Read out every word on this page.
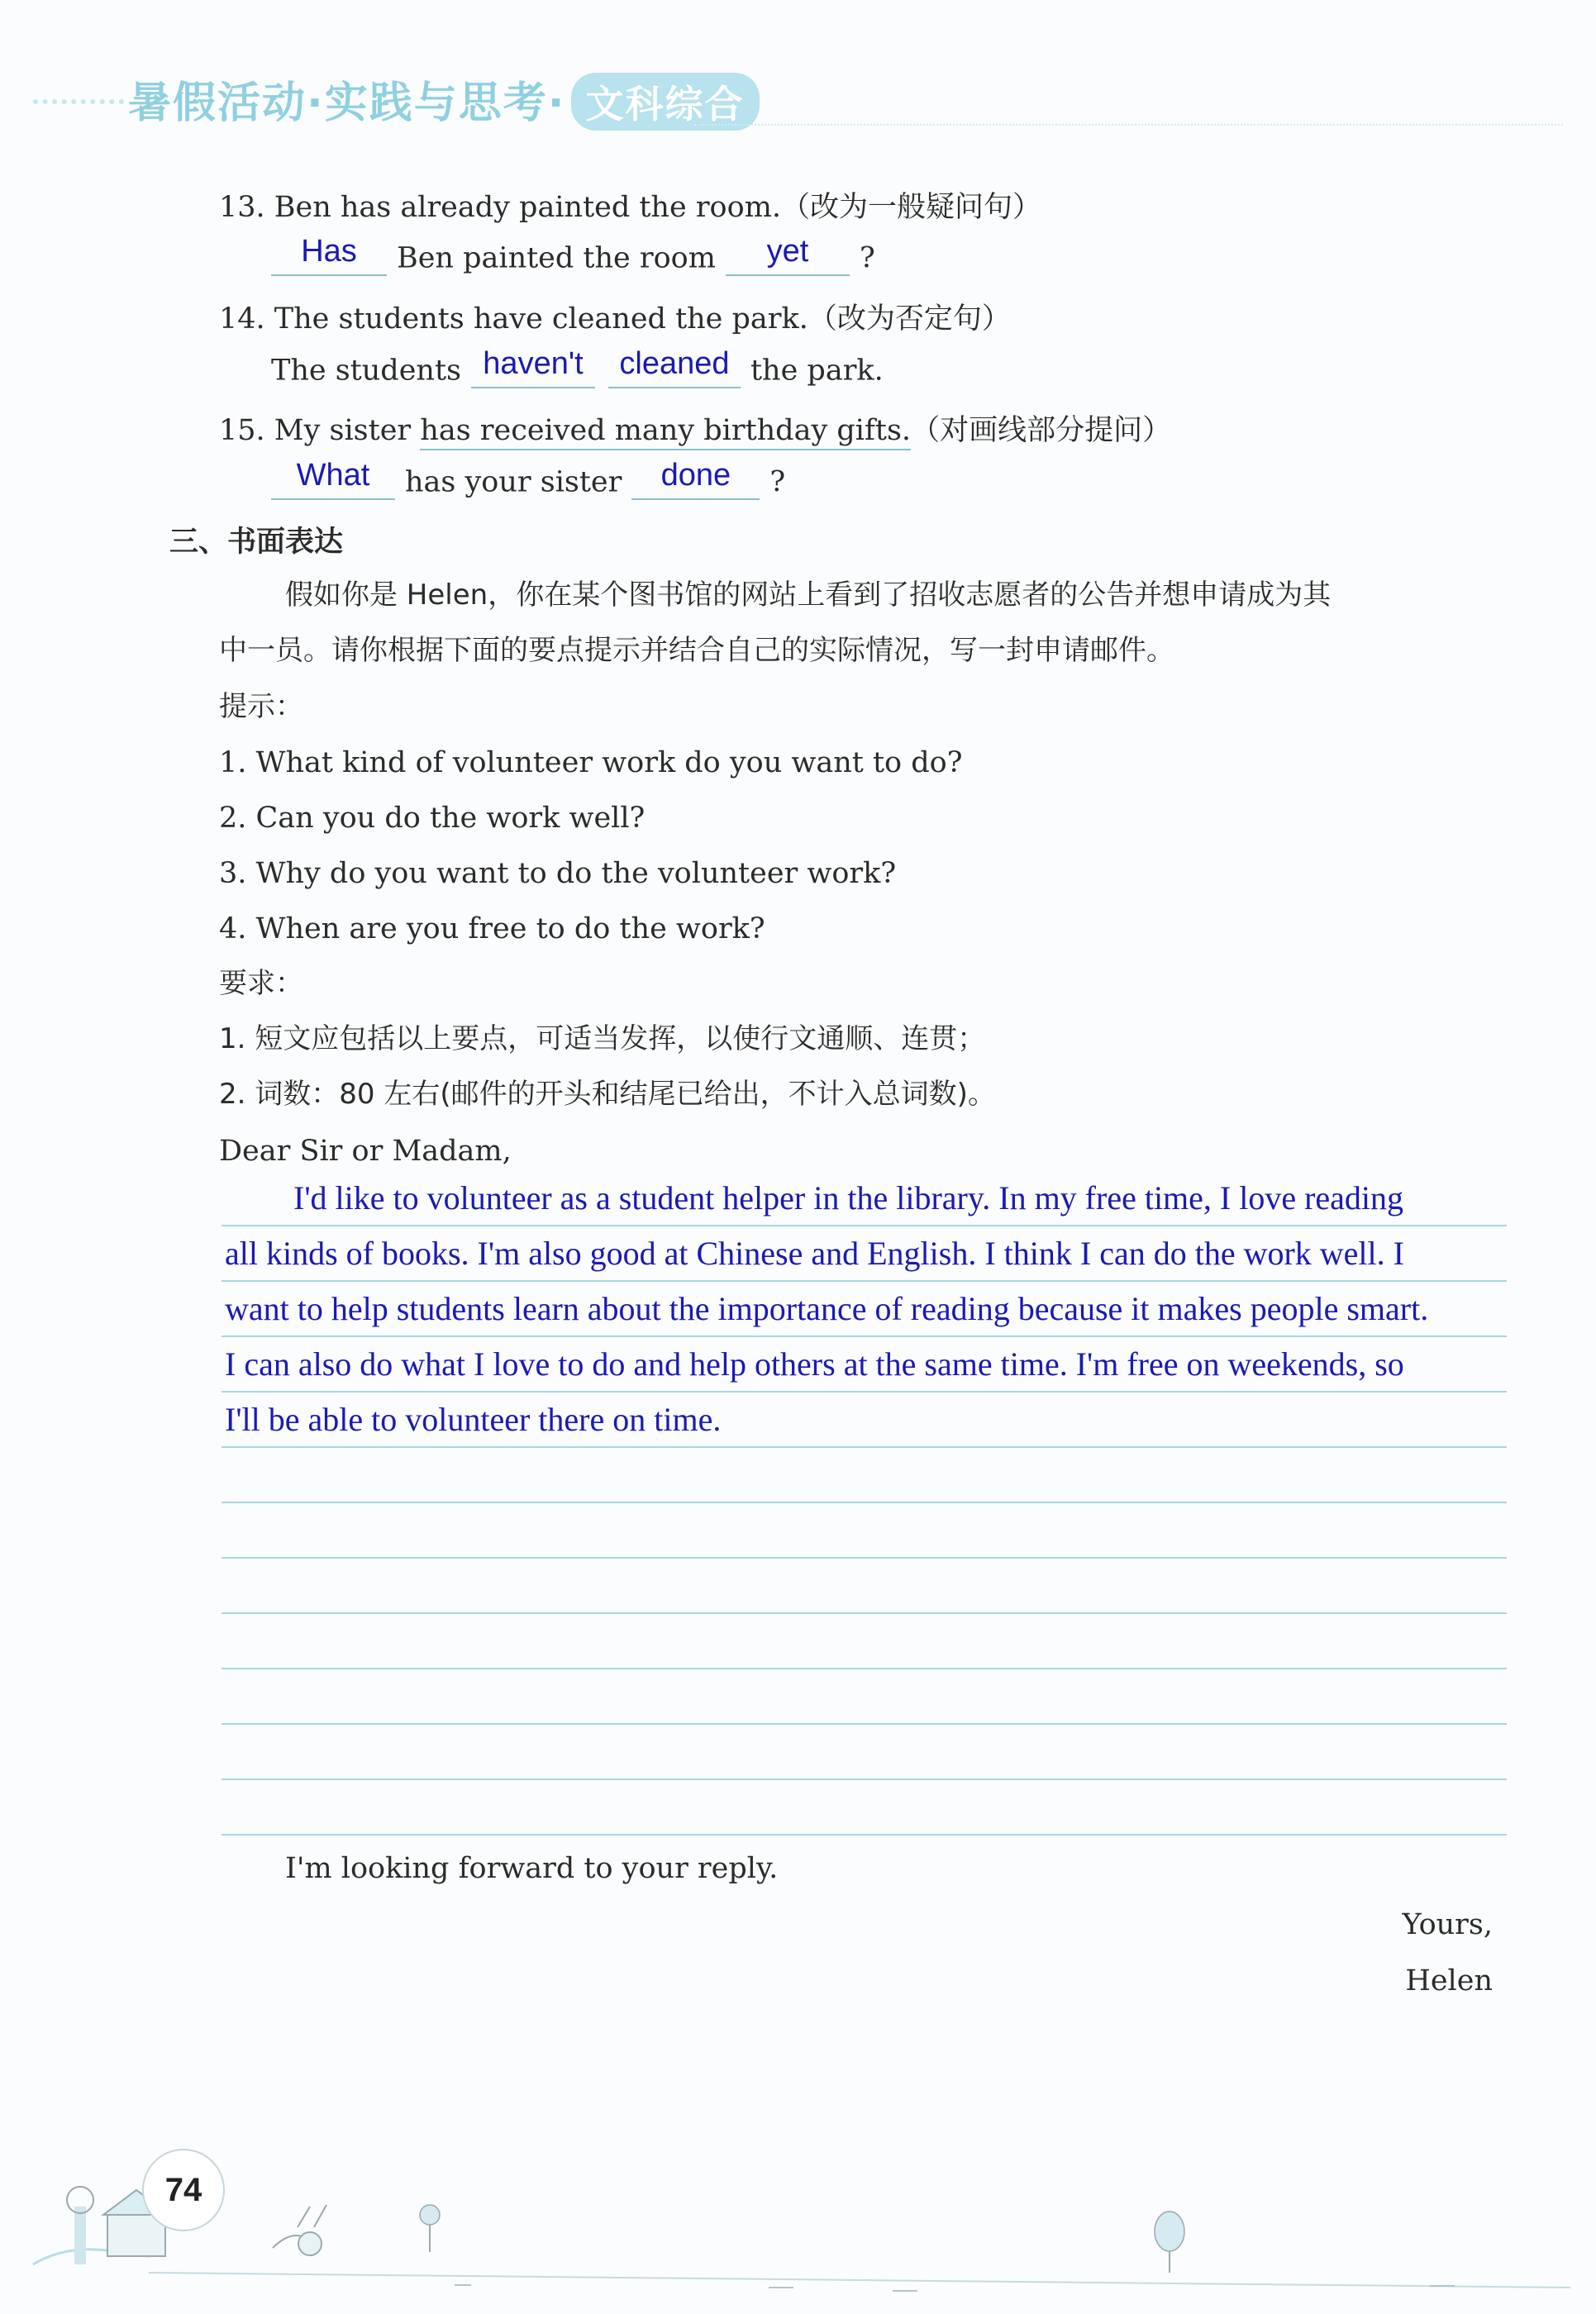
暑假活动·实践与思考· 文科综合
13. Ben has already painted the room.（改为一般疑问句）
Has Ben painted the room yet ?
14. The students have cleaned the park.（改为否定句）
The students haven't cleaned the park.
15. My sister has received many birthday gifts.（对画线部分提问）
What has your sister done ?
三、书面表达
假如你是 Helen，你在某个图书馆的网站上看到了招收志愿者的公告并想申请成为其
中一员。请你根据下面的要点提示并结合自己的实际情况，写一封申请邮件。
提示：
1. What kind of volunteer work do you want to do?
2. Can you do the work well?
3. Why do you want to do the volunteer work?
4. When are you free to do the work?
要求：
1. 短文应包括以上要点，可适当发挥，以使行文通顺、连贯；
2. 词数：80 左右(邮件的开头和结尾已给出，不计入总词数)。
Dear Sir or Madam,
I'd like to volunteer as a student helper in the library. In my free time, I love reading
all kinds of books. I'm also good at Chinese and English. I think I can do the work well. I
want to help students learn about the importance of reading because it makes people smart.
I can also do what I love to do and help others at the same time. I'm free on weekends, so
I'll be able to volunteer there on time.
I'm looking forward to your reply.
Yours,
Helen
74
